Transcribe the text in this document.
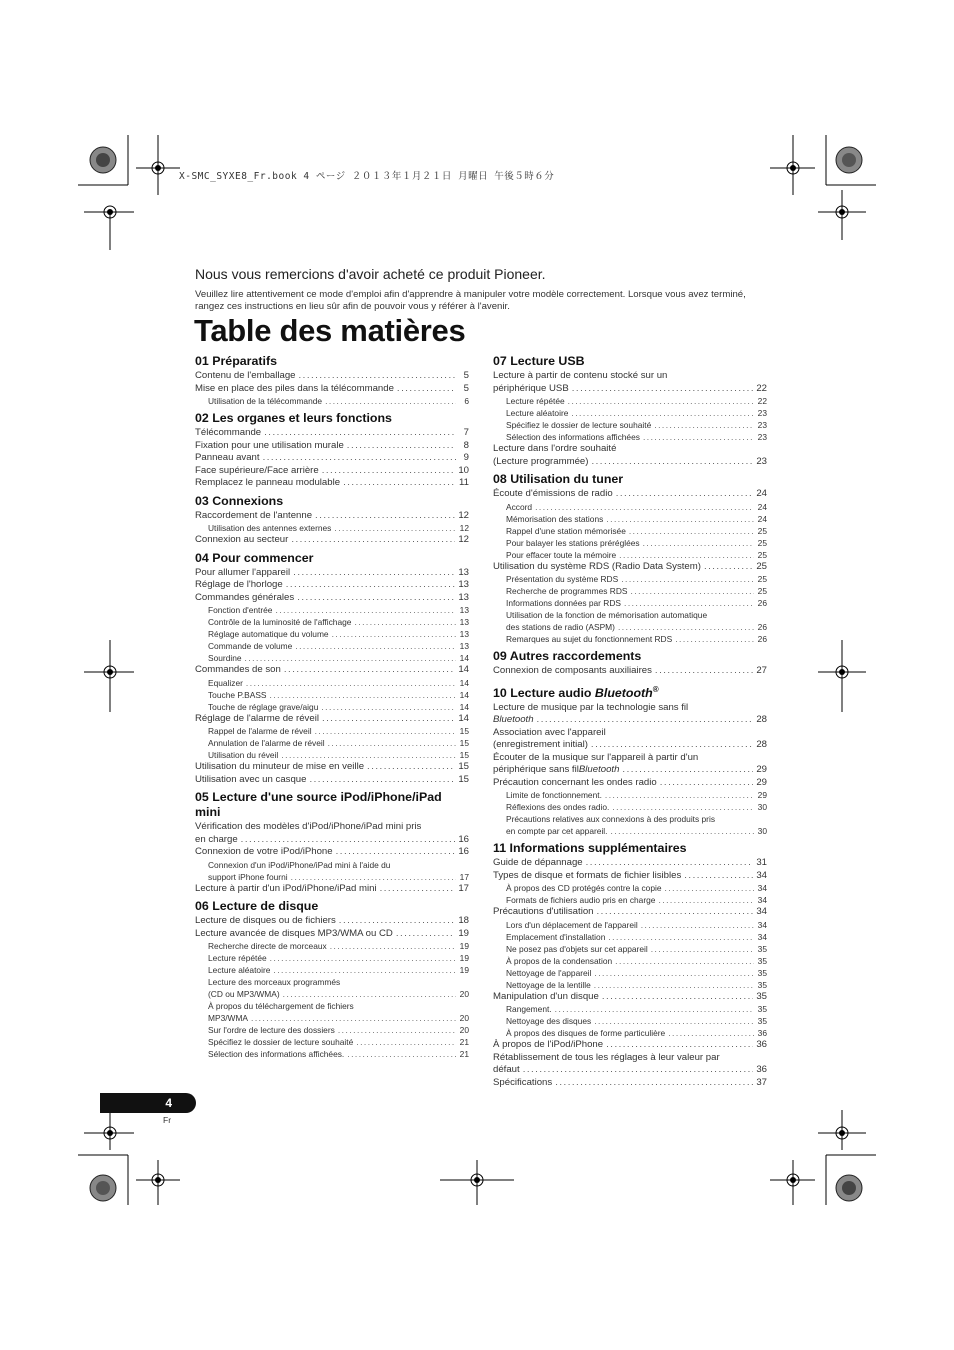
X-SMC_SYXE8_Fr.book 4 ページ ２０１３年１月２１日 月曜日 午後５時６分
Nous vous remercions d'avoir acheté ce produit Pioneer.
Veuillez lire attentivement ce mode d'emploi afin d'apprendre à manipuler votre modèle correctement. Lorsque vous avez terminé, rangez ces instructions en lieu sûr afin de pouvoir vous y référer à l'avenir.
Table des matières
01 Préparatifs
Contenu de l'emballage .....	5
Mise en place des piles dans la télécommande .....	5
Utilisation de la télécommande .....	6
02 Les organes et leurs fonctions
Télécommande .....	7
Fixation pour une utilisation murale .....	8
Panneau avant .....	9
Face supérieure/Face arrière .....	10
Remplacez le panneau modulable .....	11
03 Connexions
Raccordement de l'antenne .....	12
Utilisation des antennes externes .....	12
Connexion au secteur .....	12
04 Pour commencer
Pour allumer l'appareil .....	13
Réglage de l'horloge .....	13
Commandes générales .....	13
Fonction d'entrée .....	13
Contrôle de la luminosité de l'affichage .....	13
Réglage automatique du volume .....	13
Commande de volume .....	13
Sourdine .....	14
Commandes de son .....	14
Equalizer .....	14
Touche P.BASS .....	14
Touche de réglage grave/aigu .....	14
Réglage de l'alarme de réveil .....	14
Rappel de l'alarme de réveil .....	15
Annulation de l'alarme de réveil .....	15
Utilisation du réveil .....	15
Utilisation du minuteur de mise en veille .....	15
Utilisation avec un casque .....	15
05 Lecture d'une source iPod/iPhone/iPad mini
Vérification des modèles d'iPod/iPhone/iPad mini pris
en charge .....	16
Connexion de votre iPod/iPhone .....	16
Connexion d'un iPod/iPhone/iPad mini à l'aide du
support iPhone fourni .....	17
Lecture à partir d'un iPod/iPhone/iPad mini .....	17
06 Lecture de disque
Lecture de disques ou de fichiers .....	18
Lecture avancée de disques MP3/WMA ou CD .....	19
Recherche directe de morceaux .....	19
Lecture répétée .....	19
Lecture aléatoire .....	19
Lecture des morceaux programmés
(CD ou MP3/WMA) .....	20
À propos du téléchargement de fichiers
MP3/WMA .....	20
Sur l'ordre de lecture des dossiers .....	20
Spécifiez le dossier de lecture souhaité .....	21
Sélection des informations affichées. .....	21
07 Lecture USB
Lecture à partir de contenu stocké sur un
périphérique USB .....	22
Lecture répétée .....	22
Lecture aléatoire .....	23
Spécifiez le dossier de lecture souhaité .....	23
Sélection des informations affichées .....	23
Lecture dans l'ordre souhaité
(Lecture programmée) .....	23
08 Utilisation du tuner
Écoute d'émissions de radio .....	24
Accord .....	24
Mémorisation des stations .....	24
Rappel d'une station mémorisée .....	25
Pour balayer les stations préréglées .....	25
Pour effacer toute la mémoire .....	25
Utilisation du système RDS (Radio Data System) .....	25
Présentation du système RDS .....	25
Recherche de programmes RDS .....	25
Informations données par RDS .....	26
Utilisation de la fonction de mémorisation automatique
des stations de radio (ASPM) .....	26
Remarques au sujet du fonctionnement RDS .....	26
09 Autres raccordements
Connexion de composants auxiliaires .....	27
10 Lecture audio Bluetooth®
Lecture de musique par la technologie sans fil
Bluetooth .....	28
Association avec l'appareil
(enregistrement initial) .....	28
Écouter de la musique sur l'appareil à partir d'un
périphérique sans fil Bluetooth .....	29
Précaution concernant les ondes radio .....	29
Limite de fonctionnement. .....	29
Réflexions des ondes radio. .....	30
Précautions relatives aux connexions à des produits pris
en compte par cet appareil. .....	30
11 Informations supplémentaires
Guide de dépannage .....	31
Types de disque et formats de fichier lisibles .....	34
À propos des CD protégés contre la copie .....	34
Formats de fichiers audio pris en charge .....	34
Précautions d'utilisation .....	34
Lors d'un déplacement de l'appareil .....	34
Emplacement d'installation .....	34
Ne posez pas d'objets sur cet appareil .....	35
À propos de la condensation .....	35
Nettoyage de l'appareil .....	35
Nettoyage de la lentille .....	35
Manipulation d'un disque .....	35
Rangement. .....	35
Nettoyage des disques .....	35
À propos des disques de forme particulière .....	36
À propos de l'iPod/iPhone .....	36
Rétablissement de tous les réglages à leur valeur par
défaut .....	36
Spécifications .....	37
4
Fr
